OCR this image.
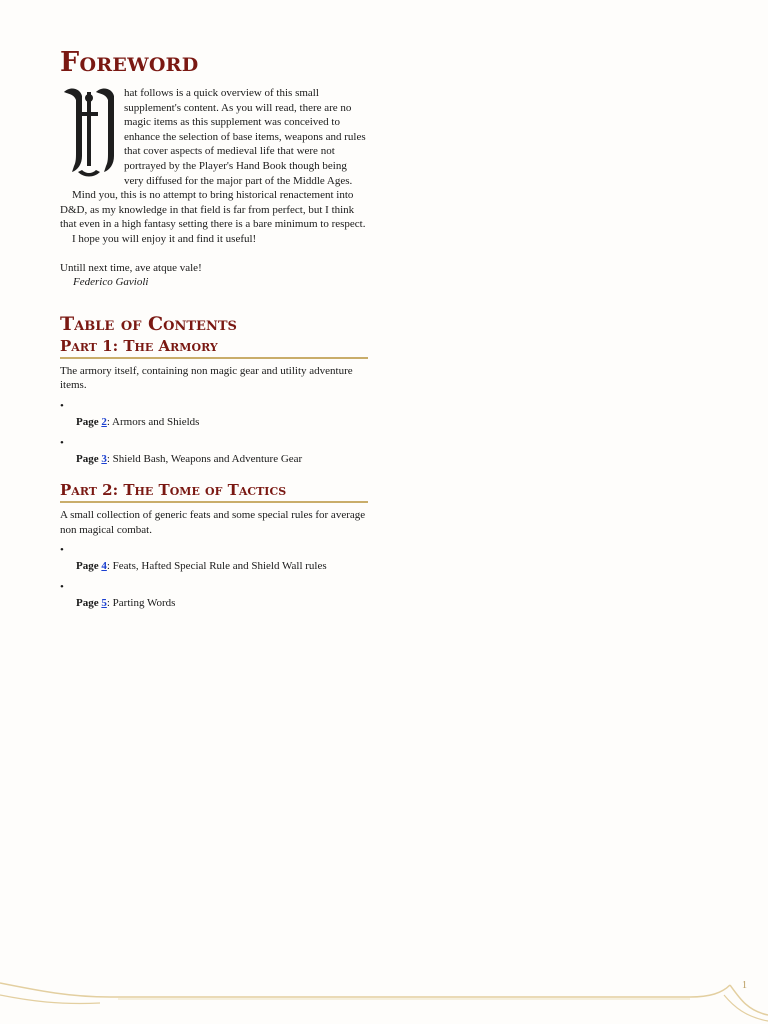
Foreword
W

hat follows is a quick overview of this small supplement's content. As you will read, there are no magic items as this supplement was conceived to enhance the selection of base items, weapons and rules that cover aspects of medieval life that were not portrayed by the Player's Hand Book though being very diffused for the major part of the Middle Ages.

Mind you, this is no attempt to bring historical renactement into D&D, as my knowledge in that field is far from perfect, but I think that even in a high fantasy setting there is a bare minimum to respect.

I hope you will enjoy it and find it useful!

Untill next time, ave atque vale!

Federico Gavioli

Table of Contents
Part 1: The Armory

The armory itself, containing non magic gear and utility adventure items.

•
Page 2: Armors and Shields
•
Page 3: Shield Bash, Weapons and Adventure Gear
Part 2: The Tome of Tactics

A small collection of generic feats and some special rules for average non magical combat.

•
Page 4: Feats, Hafted Special Rule and Shield Wall rules
•
Page 5: Parting Words
1
